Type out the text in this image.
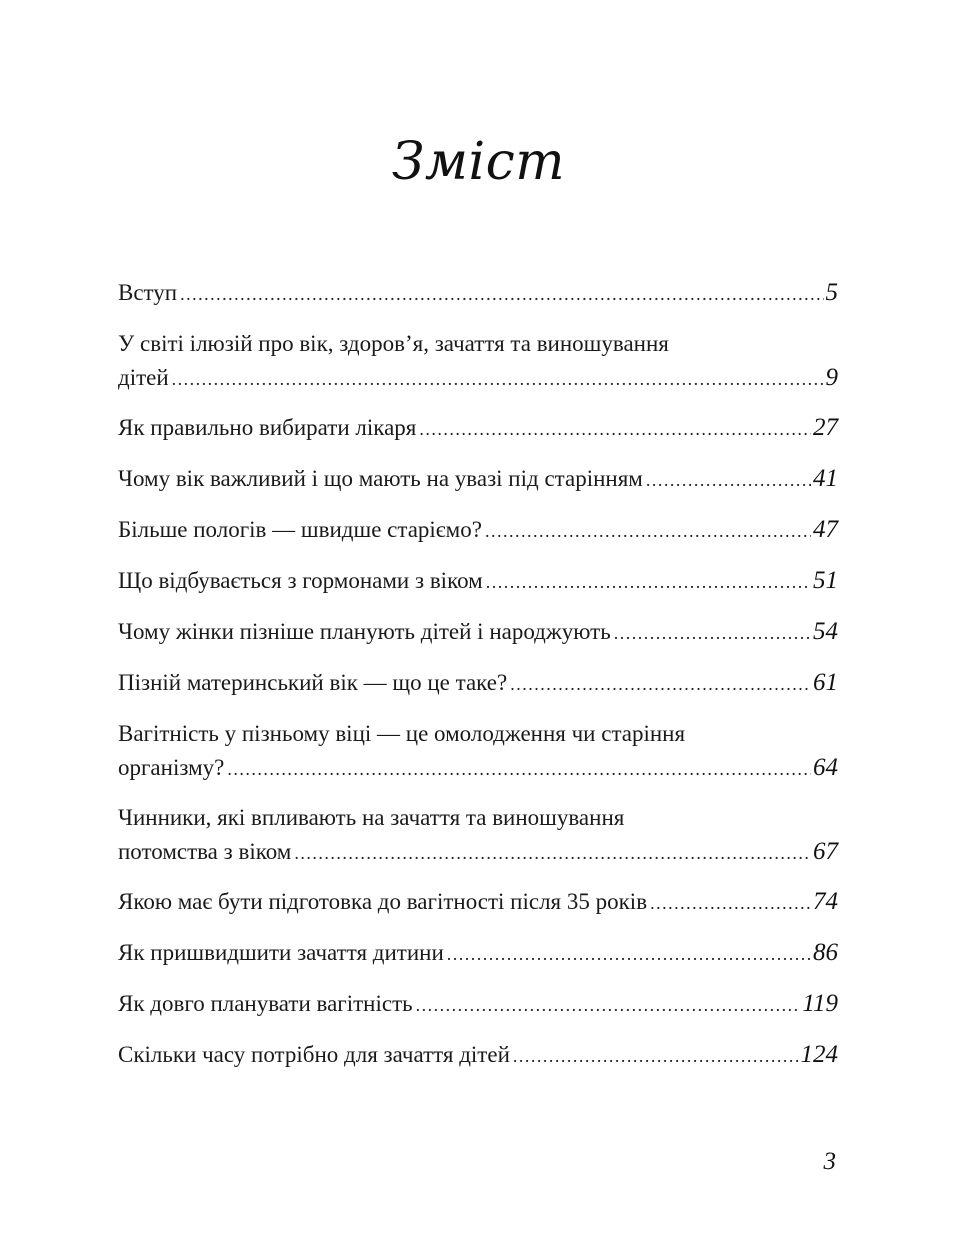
Зміст
Вступ .....	5
У світі ілюзій про вік, здоров’я, зачаття та виношування
дітей .....	9
Як правильно вибирати лікаря .....	27
Чому вік важливий і що мають на увазі під старінням .....	41
Більше пологів — швидше старіємо? .....	47
Що відбувається з гормонами з віком .....	51
Чому жінки пізніше планують дітей і народжують .....	54
Пізній материнський вік — що це таке? .....	61
Вагітність у пізньому віці — це омолодження чи старіння
організму? .....	64
Чинники, які впливають на зачаття та виношування
потомства з віком .....	67
Якою має бути підготовка до вагітності після 35 років .....	74
Як пришвидшити зачаття дитини .....	86
Як довго планувати вагітність .....	119
Скільки часу потрібно для зачаття дітей .....	124
3
